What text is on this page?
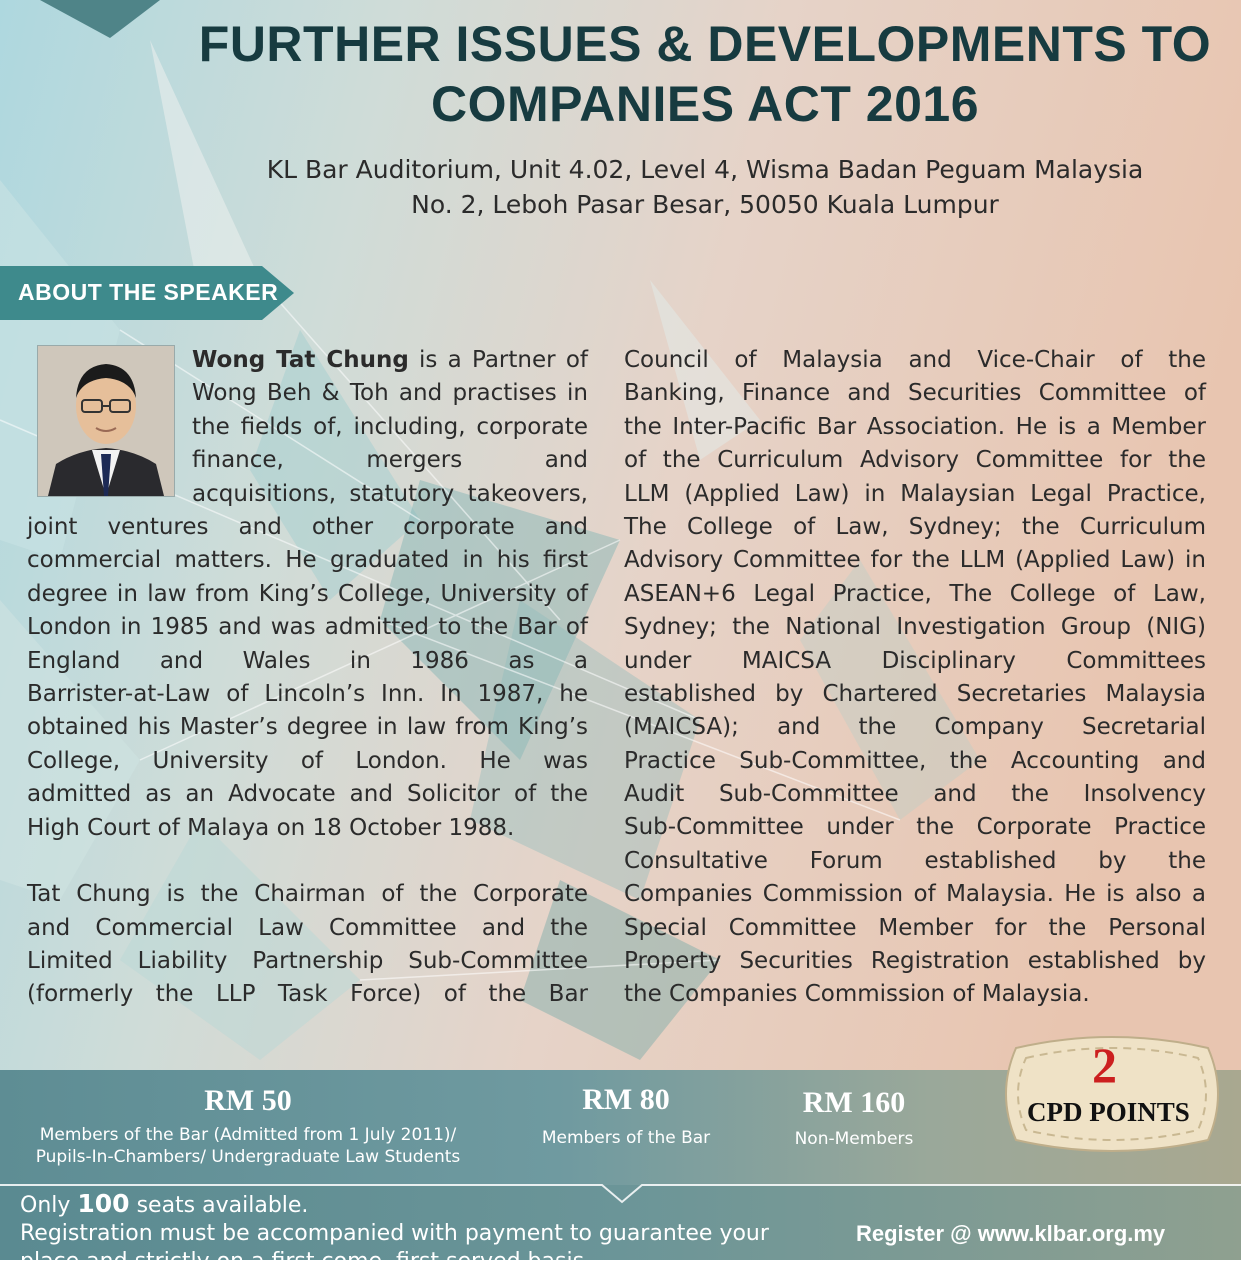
FURTHER ISSUES & DEVELOPMENTS TO
COMPANIES ACT 2016
KL Bar Auditorium, Unit 4.02, Level 4, Wisma Badan Peguam Malaysia
No. 2, Leboh Pasar Besar, 50050 Kuala Lumpur
ABOUT THE SPEAKER
Wong Tat Chung is a Partner of
Wong Beh & Toh and practises in
the fields of, including, corporate
finance, mergers and
acquisitions, statutory takeovers,
joint ventures and other corporate and
commercial matters. He graduated in his first
degree in law from King’s College, University of
London in 1985 and was admitted to the Bar of
England and Wales in 1986 as a
Barrister-at-Law of Lincoln’s Inn. In 1987, he
obtained his Master’s degree in law from King’s
College, University of London. He was
admitted as an Advocate and Solicitor of the
High Court of Malaya on 18 October 1988.
Tat Chung is the Chairman of the Corporate
and Commercial Law Committee and the
Limited Liability Partnership Sub-Committee
(formerly the LLP Task Force) of the Bar
Council of Malaysia and Vice-Chair of the
Banking, Finance and Securities Committee of
the Inter-Pacific Bar Association. He is a Member
of the Curriculum Advisory Committee for the
LLM (Applied Law) in Malaysian Legal Practice,
The College of Law, Sydney; the Curriculum
Advisory Committee for the LLM (Applied Law) in
ASEAN+6 Legal Practice, The College of Law,
Sydney; the National Investigation Group (NIG)
under MAICSA Disciplinary Committees
established by Chartered Secretaries Malaysia
(MAICSA); and the Company Secretarial
Practice Sub-Committee, the Accounting and
Audit Sub-Committee and the Insolvency
Sub-Committee under the Corporate Practice
Consultative Forum established by the
Companies Commission of Malaysia. He is also a
Special Committee Member for the Personal
Property Securities Registration established by
the Companies Commission of Malaysia.
RM 50
Members of the Bar (Admitted from 1 July 2011)/
Pupils-In-Chambers/ Undergraduate Law Students
RM 80
Members of the Bar
RM 160
Non-Members
2
CPD POINTS
Only 100 seats available.
Registration must be accompanied with payment to guarantee your
place and strictly on a first come, first served basis.
Register @ www.klbar.org.my
